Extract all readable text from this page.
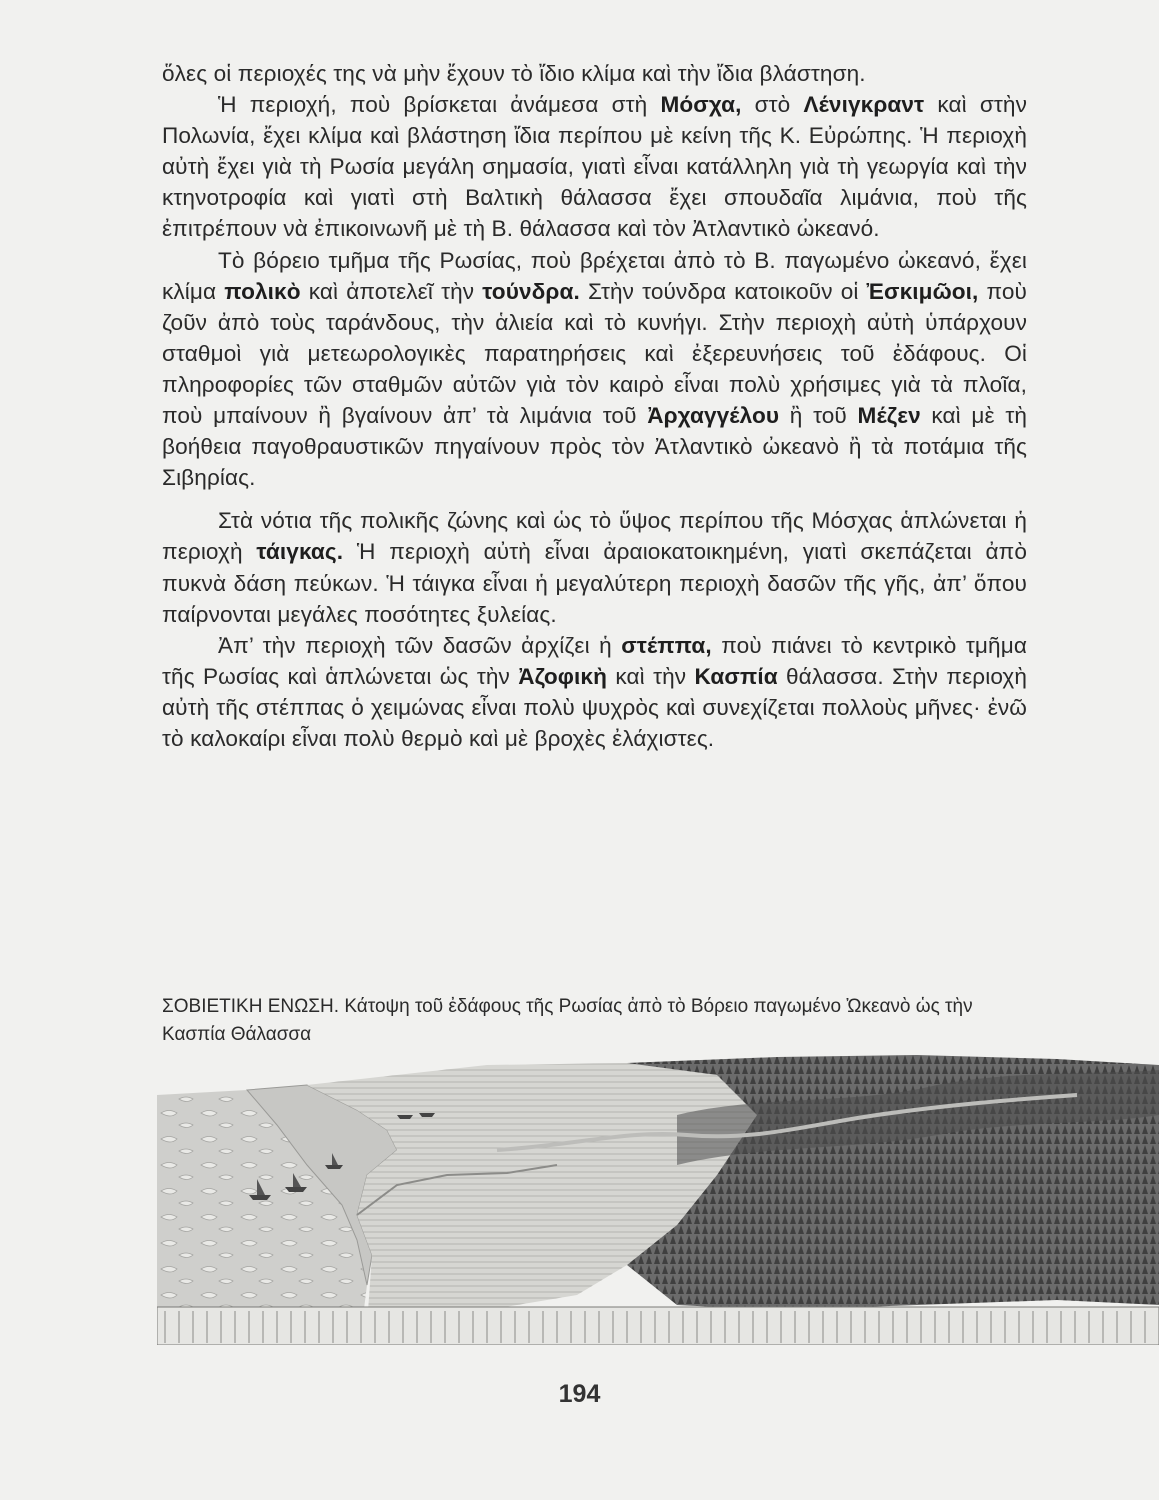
ὅλες οἱ περιοχές της νὰ μὴν ἔχουν τὸ ἴδιο κλίμα καὶ τὴν ἴδια βλάστηση.

Ἡ περιοχή, ποὺ βρίσκεται ἀνάμεσα στὴ Μόσχα, στὸ Λένιγκραντ καὶ στὴν Πολωνία, ἔχει κλίμα καὶ βλάστηση ἴδια περίπου μὲ κείνη τῆς Κ. Εὐρώπης. Ἡ περιοχὴ αὐτὴ ἔχει γιὰ τὴ Ρωσία μεγάλη σημασία, γιατὶ εἶναι κατάλληλη γιὰ τὴ γεωργία καὶ τὴν κτηνοτροφία καὶ γιατὶ στὴ Βαλτικὴ θάλασσα ἔχει σπουδαῖα λιμάνια, ποὺ τῆς ἐπιτρέπουν νὰ ἐπικοινωνῆ μὲ τὴ Β. θάλασσα καὶ τὸν Ἀτλαντικὸ ὠκεανό.

Τὸ βόρειο τμῆμα τῆς Ρωσίας, ποὺ βρέχεται ἀπὸ τὸ Β. παγωμένο ὠκεανό, ἔχει κλίμα πολικὸ καὶ ἀποτελεῖ τὴν τούνδρα. Στὴν τούνδρα κατοικοῦν οἱ Ἐσκιμῶοι, ποὺ ζοῦν ἀπὸ τοὺς ταράνδους, τὴν ἁλιεία καὶ τὸ κυνήγι. Στὴν περιοχὴ αὐτὴ ὑπάρχουν σταθμοὶ γιὰ μετεωρολογικὲς παρατηρήσεις καὶ ἐξερευνήσεις τοῦ ἐδάφους. Οἱ πληροφορίες τῶν σταθμῶν αὐτῶν γιὰ τὸν καιρὸ εἶναι πολὺ χρήσιμες γιὰ τὰ πλοῖα, ποὺ μπαίνουν ἢ βγαίνουν ἀπ’ τὰ λιμάνια τοῦ Ἀρχαγγέλου ἢ τοῦ Μέζεν καὶ μὲ τὴ βοήθεια παγοθραυστικῶν πηγαίνουν πρὸς τὸν Ἀτλαντικὸ ὠκεανὸ ἢ τὰ ποτάμια τῆς Σιβηρίας.

Στὰ νότια τῆς πολικῆς ζώνης καὶ ὡς τὸ ὕψος περίπου τῆς Μόσχας ἁπλώνεται ἡ περιοχὴ τάιγκας. Ἡ περιοχὴ αὐτὴ εἶναι ἀραιοκατοικημένη, γιατὶ σκεπάζεται ἀπὸ πυκνὰ δάση πεύκων. Ἡ τάιγκα εἶναι ἡ μεγαλύτερη περιοχὴ δασῶν τῆς γῆς, ἀπ’ ὅπου παίρνονται μεγάλες ποσότητες ξυλείας.

Ἀπ’ τὴν περιοχὴ τῶν δασῶν ἀρχίζει ἡ στέππα, ποὺ πιάνει τὸ κεντρικὸ τμῆμα τῆς Ρωσίας καὶ ἁπλώνεται ὡς τὴν Ἀζοφικὴ καὶ τὴν Κασπία θάλασσα. Στὴν περιοχὴ αὐτὴ τῆς στέππας ὁ χειμώνας εἶναι πολὺ ψυχρὸς καὶ συνεχίζεται πολλοὺς μῆνες· ἐνῶ τὸ καλοκαίρι εἶναι πολὺ θερμὸ καὶ μὲ βροχὲς ἐλάχιστες.

ΣΟΒΙΕΤΙΚΗ ΕΝΩΣΗ. Κάτοψη τοῦ ἐδάφους τῆς Ρωσίας ἀπὸ τὸ Βόρειο παγωμένο Ὠκεανὸ ὡς τὴν Κασπία Θάλασσα
194
